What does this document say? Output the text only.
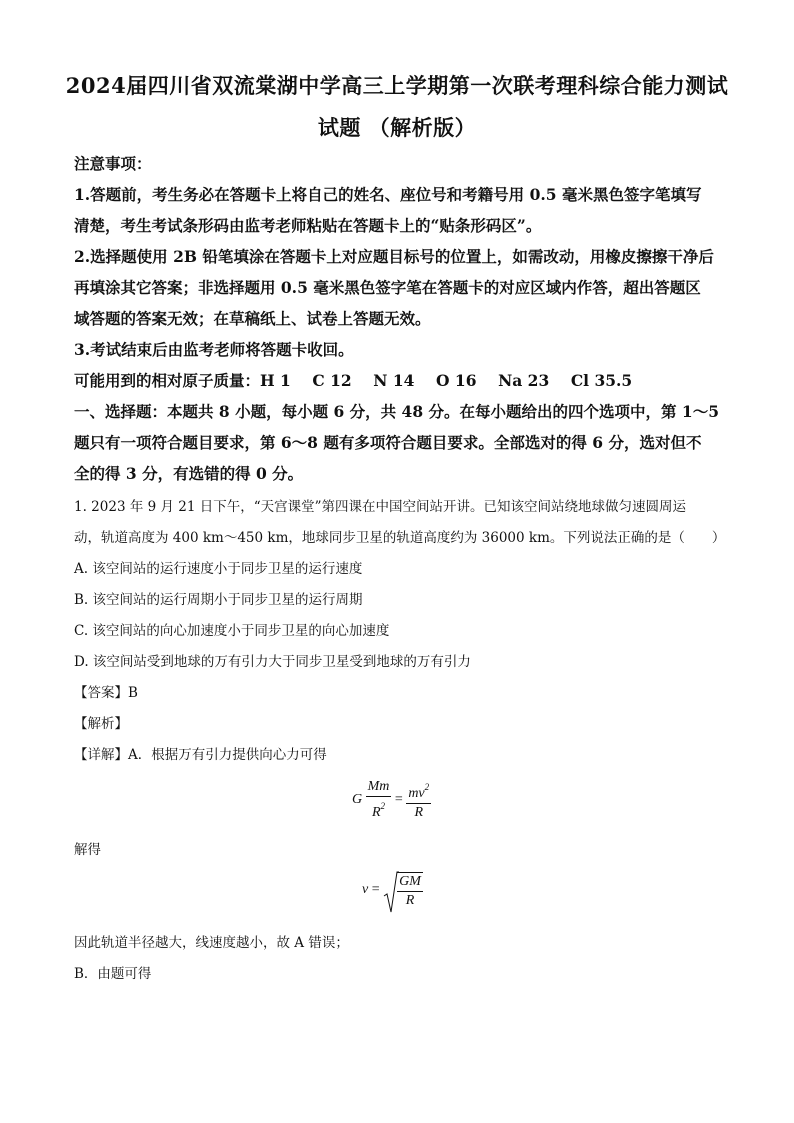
2024届四川省双流棠湖中学高三上学期第一次联考理科综合能力测试
试题 （解析版）
注意事项：
1.答题前，考生务必在答题卡上将自己的姓名、座位号和考籍号用 0.5 毫米黑色签字笔填写
清楚，考生考试条形码由监考老师粘贴在答题卡上的“贴条形码区”。
2.选择题使用 2B 铅笔填涂在答题卡上对应题目标号的位置上，如需改动，用橡皮擦擦干净后
再填涂其它答案；非选择题用 0.5 毫米黑色签字笔在答题卡的对应区域内作答，超出答题区
域答题的答案无效；在草稿纸上、试卷上答题无效。
3.考试结束后由监考老师将答题卡收回。
可能用到的相对原子质量：H 1    C 12    N 14    O 16    Na 23    Cl 35.5
一、选择题：本题共 8 小题，每小题 6 分，共 48 分。在每小题给出的四个选项中，第 1～5
题只有一项符合题目要求，第 6～8 题有多项符合题目要求。全部选对的得 6 分，选对但不
全的得 3 分，有选错的得 0 分。
1. 2023 年 9 月 21 日下午，“天宫课堂”第四课在中国空间站开讲。已知该空间站绕地球做匀速圆周运
动，轨道高度为 400 km～450 km，地球同步卫星的轨道高度约为 36000 km。下列说法正确的是（　　）
A. 该空间站的运行速度小于同步卫星的运行速度
B. 该空间站的运行周期小于同步卫星的运行周期
C. 该空间站的向心加速度小于同步卫星的向心加速度
D. 该空间站受到地球的万有引力大于同步卫星受到地球的万有引力
【答案】B
【解析】
【详解】A．根据万有引力提供向心力可得
G $\frac{Mm}{R^2} = \frac{mv^2}{R}$
解得
$v = \frac{GM}{R}$
因此轨道半径越大，线速度越小，故 A 错误；
B．由题可得
